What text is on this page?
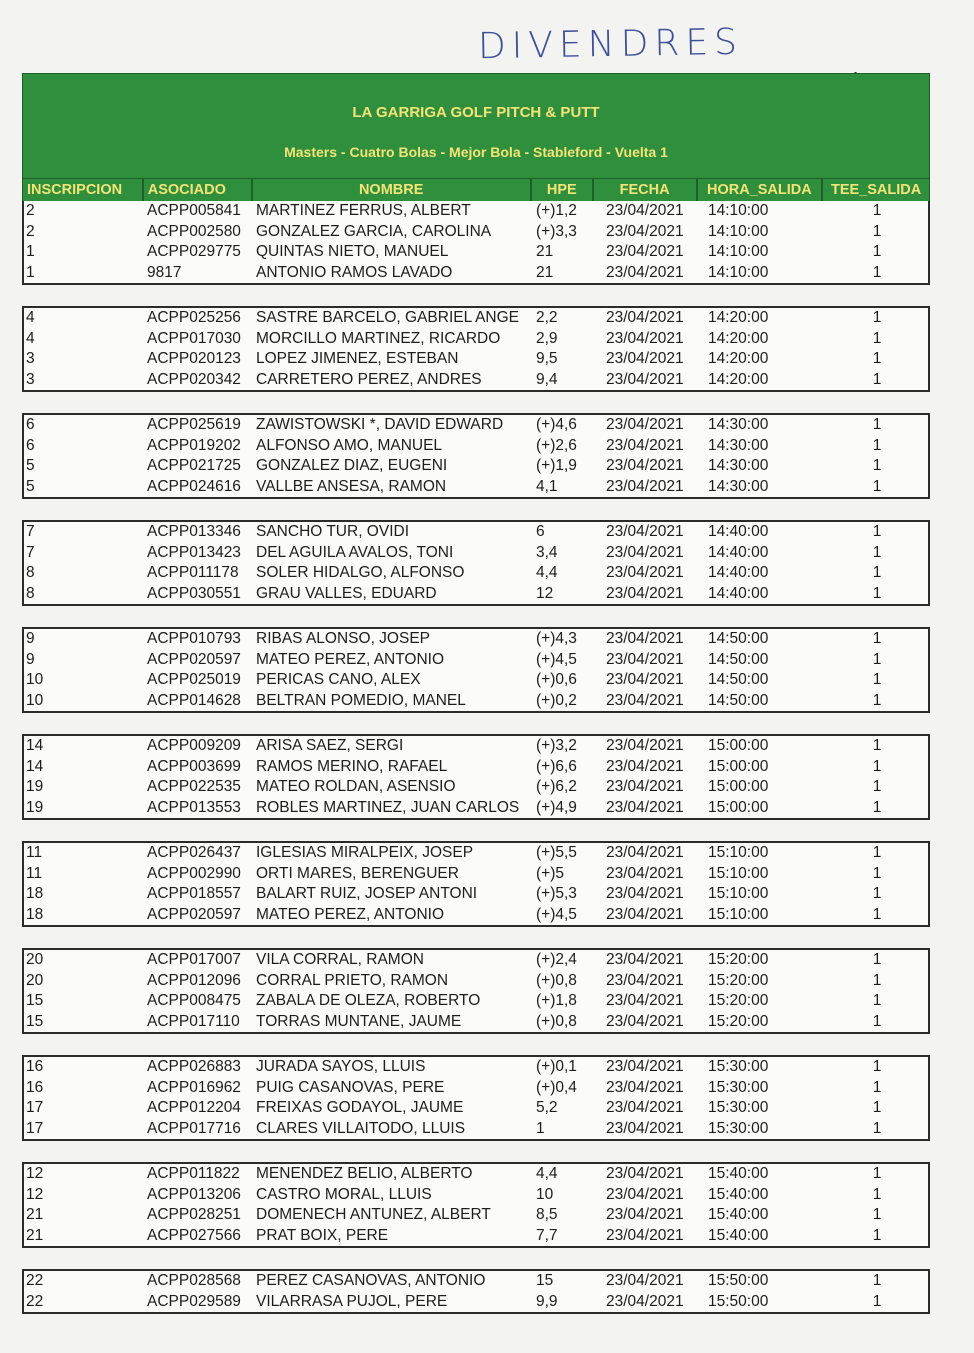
DIVENDRES
LA GARRIGA GOLF PITCH & PUTT
Masters - Cuatro Bolas - Mejor Bola - Stableford - Vuelta 1
INSCRIPCION	ASOCIADO	NOMBRE	HPE	FECHA	HORA_SALIDA	TEE_SALIDA
2	ACPP005841 MARTINEZ FERRUS, ALBERT	(+)1,2	23/04/2021	14:10:00	1
2	ACPP002580 GONZALEZ GARCIA, CAROLINA	(+)3,3	23/04/2021	14:10:00	1
1	ACPP029775 QUINTAS NIETO, MANUEL	21	23/04/2021	14:10:00	1
1	9817	ANTONIO RAMOS LAVADO	21	23/04/2021	14:10:00	1
4	ACPP025256 SASTRE BARCELO, GABRIEL ANGE	2,2	23/04/2021	14:20:00	1
4	ACPP017030 MORCILLO MARTINEZ, RICARDO	2,9	23/04/2021	14:20:00	1
3	ACPP020123 LOPEZ JIMENEZ, ESTEBAN	9,5	23/04/2021	14:20:00	1
3	ACPP020342 CARRETERO PEREZ, ANDRES	9,4	23/04/2021	14:20:00	1
6	ACPP025619 ZAWISTOWSKI *, DAVID EDWARD	(+)4,6	23/04/2021	14:30:00	1
6	ACPP019202 ALFONSO AMO, MANUEL	(+)2,6	23/04/2021	14:30:00	1
5	ACPP021725 GONZALEZ DIAZ, EUGENI	(+)1,9	23/04/2021	14:30:00	1
5	ACPP024616 VALLBE ANSESA, RAMON	4,1	23/04/2021	14:30:00	1
7	ACPP013346 SANCHO TUR, OVIDI	6	23/04/2021	14:40:00	1
7	ACPP013423 DEL AGUILA AVALOS, TONI	3,4	23/04/2021	14:40:00	1
8	ACPP011178	SOLER HIDALGO, ALFONSO	4,4	23/04/2021	14:40:00	1
8	ACPP030551 GRAU VALLES, EDUARD	12	23/04/2021	14:40:00	1
9	ACPP010793 RIBAS ALONSO, JOSEP	(+)4,3	23/04/2021	14:50:00	1
9	ACPP020597 MATEO PEREZ, ANTONIO	(+)4,5	23/04/2021	14:50:00	1
10	ACPP025019 PERICAS CANO, ALEX	(+)0,6	23/04/2021	14:50:00	1
10	ACPP014628 BELTRAN POMEDIO, MANEL	(+)0,2	23/04/2021	14:50:00	1
14	ACPP009209 ARISA SAEZ, SERGI	(+)3,2	23/04/2021	15:00:00	1
14	ACPP003699 RAMOS MERINO, RAFAEL	(+)6,6	23/04/2021	15:00:00	1
19	ACPP022535 MATEO ROLDAN, ASENSIO	(+)6,2	23/04/2021	15:00:00	1
19	ACPP013553 ROBLES MARTINEZ, JUAN CARLOS	(+)4,9	23/04/2021	15:00:00	1
11	ACPP026437 IGLESIAS MIRALPEIX, JOSEP	(+)5,5	23/04/2021	15:10:00	1
11	ACPP002990 ORTI MARES, BERENGUER	(+)5	23/04/2021	15:10:00	1
18	ACPP018557 BALART RUIZ, JOSEP ANTONI	(+)5,3	23/04/2021	15:10:00	1
18	ACPP020597 MATEO PEREZ, ANTONIO	(+)4,5	23/04/2021	15:10:00	1
20	ACPP017007 VILA CORRAL, RAMON	(+)2,4	23/04/2021	15:20:00	1
20	ACPP012096 CORRAL PRIETO, RAMON	(+)0,8	23/04/2021	15:20:00	1
15	ACPP008475 ZABALA DE OLEZA, ROBERTO	(+)1,8	23/04/2021	15:20:00	1
15	ACPP017110	TORRAS MUNTANE, JAUME	(+)0,8	23/04/2021	15:20:00	1
16	ACPP026883 JURADA SAYOS, LLUIS	(+)0,1	23/04/2021	15:30:00	1
16	ACPP016962 PUIG CASANOVAS, PERE	(+)0,4	23/04/2021	15:30:00	1
17	ACPP012204 FREIXAS GODAYOL, JAUME	5,2	23/04/2021	15:30:00	1
17	ACPP017716 CLARES VILLAITODO, LLUIS	1	23/04/2021	15:30:00	1
12	ACPP011822	MENENDEZ BELIO, ALBERTO	4,4	23/04/2021	15:40:00	1
12	ACPP013206 CASTRO MORAL, LLUIS	10	23/04/2021	15:40:00	1
21	ACPP028251 DOMENECH ANTUNEZ, ALBERT	8,5	23/04/2021	15:40:00	1
21	ACPP027566 PRAT BOIX, PERE	7,7	23/04/2021	15:40:00	1
22	ACPP028568 PEREZ CASANOVAS, ANTONIO	15	23/04/2021	15:50:00	1
22	ACPP029589 VILARRASA PUJOL, PERE	9,9	23/04/2021	15:50:00	1
